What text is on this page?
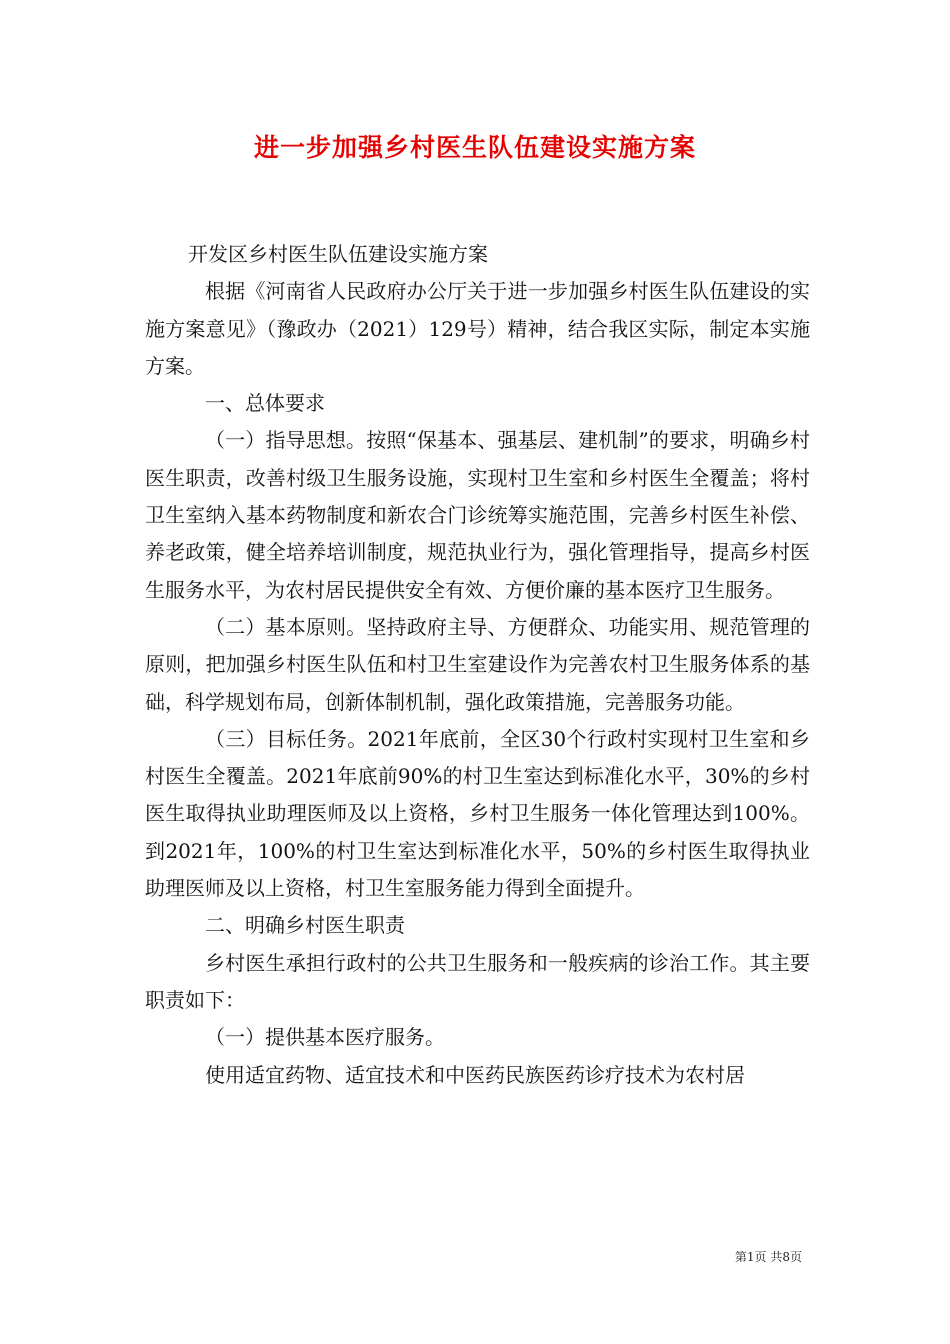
进一步加强乡村医生队伍建设实施方案

开发区乡村医生队伍建设实施方案

根据《河南省人民政府办公厅关于进一步加强乡村医生队伍建设的实施方案意见》（豫政办（2021）129号）精神，结合我区实际，制定本实施方案。

一、总体要求

（一）指导思想。按照“保基本、强基层、建机制”的要求，明确乡村医生职责，改善村级卫生服务设施，实现村卫生室和乡村医生全覆盖；将村卫生室纳入基本药物制度和新农合门诊统筹实施范围，完善乡村医生补偿、养老政策，健全培养培训制度，规范执业行为，强化管理指导，提高乡村医生服务水平，为农村居民提供安全有效、方便价廉的基本医疗卫生服务。

（二）基本原则。坚持政府主导、方便群众、功能实用、规范管理的原则，把加强乡村医生队伍和村卫生室建设作为完善农村卫生服务体系的基础，科学规划布局，创新体制机制，强化政策措施，完善服务功能。

（三）目标任务。2021年底前，全区30个行政村实现村卫生室和乡村医生全覆盖。2021年底前90%的村卫生室达到标准化水平，30%的乡村医生取得执业助理医师及以上资格，乡村卫生服务一体化管理达到100%。到2021年，100%的村卫生室达到标准化水平，50%的乡村医生取得执业助理医师及以上资格，村卫生室服务能力得到全面提升。

二、明确乡村医生职责

乡村医生承担行政村的公共卫生服务和一般疾病的诊治工作。其主要职责如下：

（一）提供基本医疗服务。

使用适宜药物、适宜技术和中医药民族医药诊疗技术为农村居

第1页 共8页
